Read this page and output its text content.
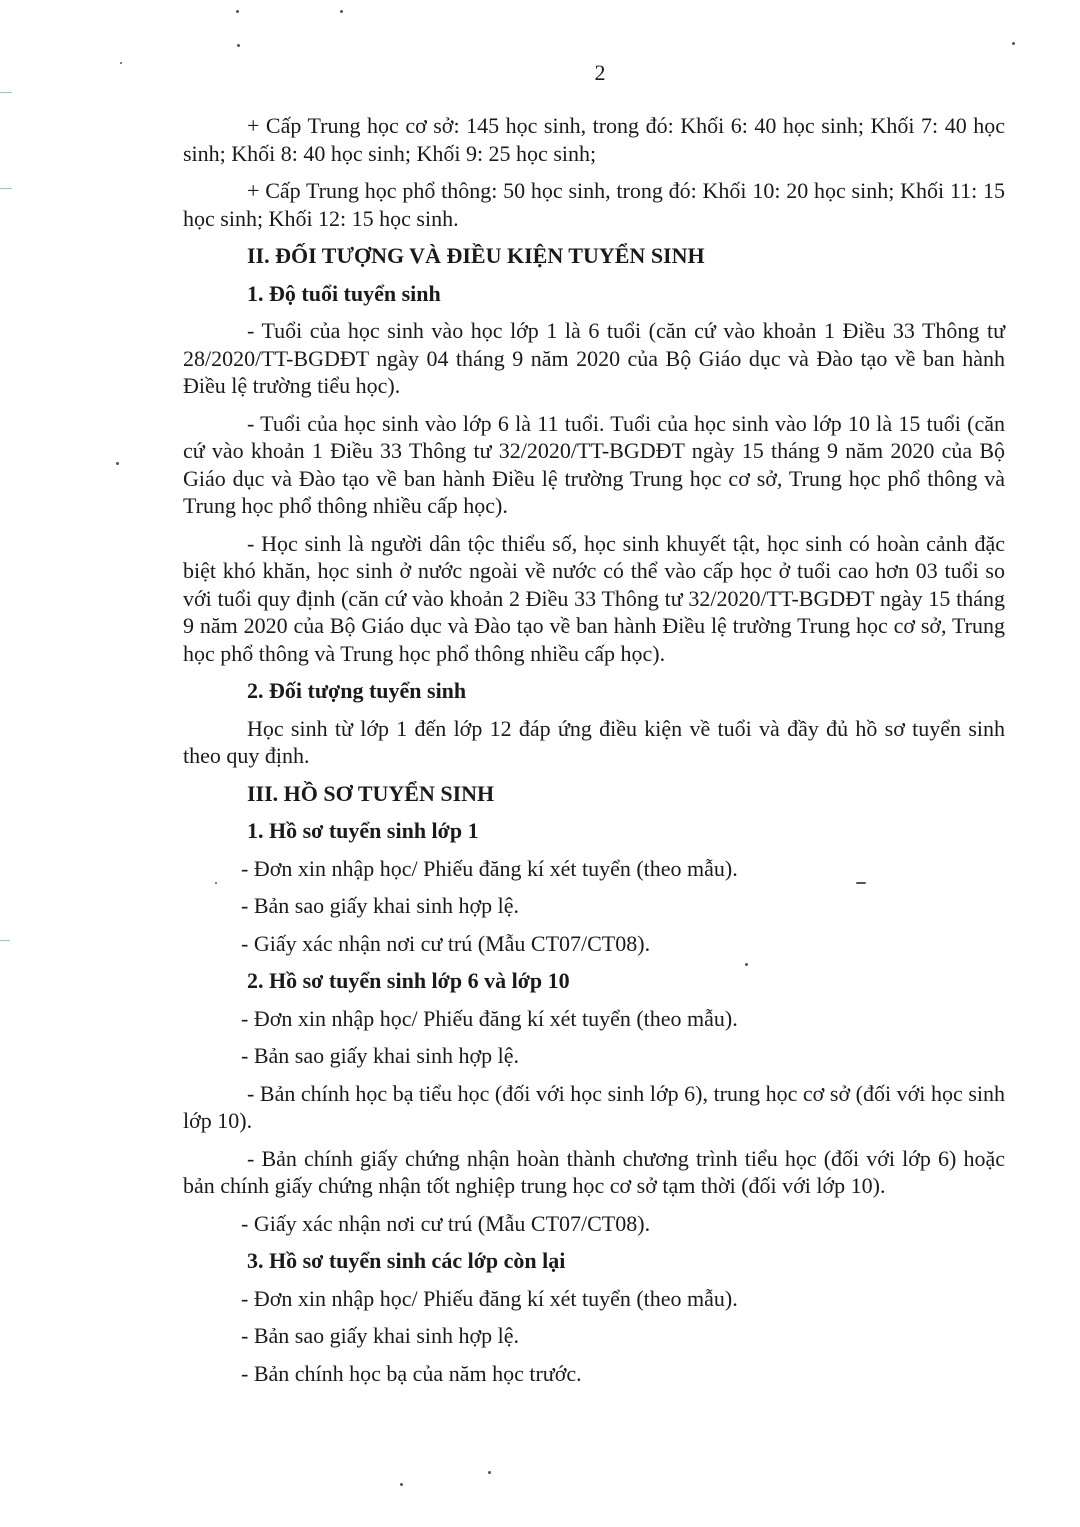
2

+ Cấp Trung học cơ sở: 145 học sinh, trong đó: Khối 6: 40 học sinh; Khối 7: 40 học sinh; Khối 8: 40 học sinh; Khối 9: 25 học sinh;

+ Cấp Trung học phổ thông: 50 học sinh, trong đó: Khối 10: 20 học sinh; Khối 11: 15 học sinh; Khối 12: 15 học sinh.

II. ĐỐI TƯỢNG VÀ ĐIỀU KIỆN TUYỂN SINH

1. Độ tuổi tuyển sinh

- Tuổi của học sinh vào học lớp 1 là 6 tuổi (căn cứ vào khoản 1 Điều 33 Thông tư 28/2020/TT-BGDĐT ngày 04 tháng 9 năm 2020 của Bộ Giáo dục và Đào tạo về ban hành Điều lệ trường tiểu học).

- Tuổi của học sinh vào lớp 6 là 11 tuổi. Tuổi của học sinh vào lớp 10 là 15 tuổi (căn cứ vào khoản 1 Điều 33 Thông tư 32/2020/TT-BGDĐT ngày 15 tháng 9 năm 2020 của Bộ Giáo dục và Đào tạo về ban hành Điều lệ trường Trung học cơ sở, Trung học phổ thông và Trung học phổ thông nhiều cấp học).

- Học sinh là người dân tộc thiểu số, học sinh khuyết tật, học sinh có hoàn cảnh đặc biệt khó khăn, học sinh ở nước ngoài về nước có thể vào cấp học ở tuổi cao hơn 03 tuổi so với tuổi quy định (căn cứ vào khoản 2 Điều 33 Thông tư 32/2020/TT-BGDĐT ngày 15 tháng 9 năm 2020 của Bộ Giáo dục và Đào tạo về ban hành Điều lệ trường Trung học cơ sở, Trung học phổ thông và Trung học phổ thông nhiều cấp học).

2. Đối tượng tuyển sinh

Học sinh từ lớp 1 đến lớp 12 đáp ứng điều kiện về tuổi và đầy đủ hồ sơ tuyển sinh theo quy định.

III. HỒ SƠ TUYỂN SINH

1. Hồ sơ tuyển sinh lớp 1

- Đơn xin nhập học/ Phiếu đăng kí xét tuyển (theo mẫu).

- Bản sao giấy khai sinh hợp lệ.

- Giấy xác nhận nơi cư trú (Mẫu CT07/CT08).

2. Hồ sơ tuyển sinh lớp 6 và lớp 10

- Đơn xin nhập học/ Phiếu đăng kí xét tuyển (theo mẫu).

- Bản sao giấy khai sinh hợp lệ.

- Bản chính học bạ tiểu học (đối với học sinh lớp 6), trung học cơ sở (đối với học sinh lớp 10).

- Bản chính giấy chứng nhận hoàn thành chương trình tiểu học (đối với lớp 6) hoặc bản chính giấy chứng nhận tốt nghiệp trung học cơ sở tạm thời (đối với lớp 10).

- Giấy xác nhận nơi cư trú (Mẫu CT07/CT08).

3. Hồ sơ tuyển sinh các lớp còn lại

- Đơn xin nhập học/ Phiếu đăng kí xét tuyển (theo mẫu).

- Bản sao giấy khai sinh hợp lệ.

- Bản chính học bạ của năm học trước.
